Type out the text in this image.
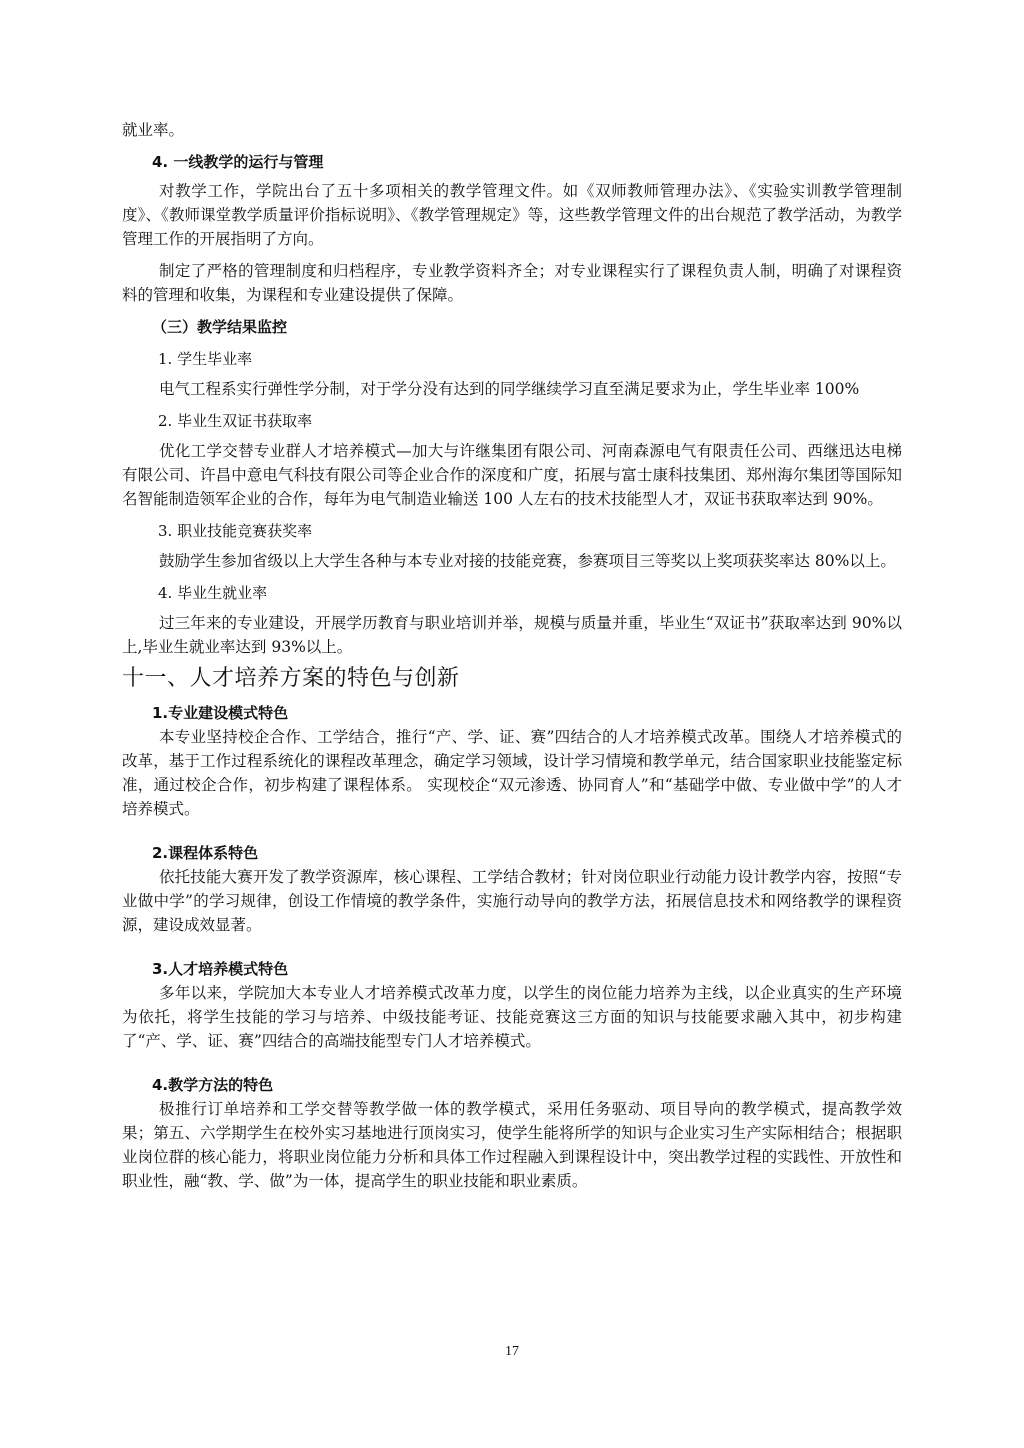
就业率。

4. 一线教学的运行与管理

对教学工作，学院出台了五十多项相关的教学管理文件。如《双师教师管理办法》、《实验实训教学管理制度》、《教师课堂教学质量评价指标说明》、《教学管理规定》等，这些教学管理文件的出台规范了教学活动，为教学管理工作的开展指明了方向。

制定了严格的管理制度和归档程序，专业教学资料齐全；对专业课程实行了课程负责人制，明确了对课程资料的管理和收集，为课程和专业建设提供了保障。

（三）教学结果监控

1. 学生毕业率

电气工程系实行弹性学分制，对于学分没有达到的同学继续学习直至满足要求为止，学生毕业率 100%

2. 毕业生双证书获取率

优化工学交替专业群人才培养模式—加大与许继集团有限公司、河南森源电气有限责任公司、西继迅达电梯有限公司、许昌中意电气科技有限公司等企业合作的深度和广度，拓展与富士康科技集团、郑州海尔集团等国际知名智能制造领军企业的合作，每年为电气制造业输送 100 人左右的技术技能型人才，双证书获取率达到 90%。

3. 职业技能竞赛获奖率

鼓励学生参加省级以上大学生各种与本专业对接的技能竞赛，参赛项目三等奖以上奖项获奖率达 80%以上。

4. 毕业生就业率

过三年来的专业建设，开展学历教育与职业培训并举，规模与质量并重，毕业生“双证书”获取率达到 90%以上,毕业生就业率达到 93%以上。

十一、人才培养方案的特色与创新
1.专业建设模式特色

本专业坚持校企合作、工学结合，推行“产、学、证、赛”四结合的人才培养模式改革。围绕人才培养模式的改革，基于工作过程系统化的课程改革理念，确定学习领域，设计学习情境和教学单元，结合国家职业技能鉴定标准，通过校企合作，初步构建了课程体系。 实现校企“双元渗透、协同育人”和“基础学中做、专业做中学”的人才培养模式。

2.课程体系特色

依托技能大赛开发了教学资源库，核心课程、工学结合教材；针对岗位职业行动能力设计教学内容，按照“专业做中学”的学习规律，创设工作情境的教学条件，实施行动导向的教学方法，拓展信息技术和网络教学的课程资源，建设成效显著。

3.人才培养模式特色

多年以来，学院加大本专业人才培养模式改革力度，以学生的岗位能力培养为主线，以企业真实的生产环境为依托，将学生技能的学习与培养、中级技能考证、技能竞赛这三方面的知识与技能要求融入其中，初步构建了“产、学、证、赛”四结合的高端技能型专门人才培养模式。

4.教学方法的特色

极推行订单培养和工学交替等教学做一体的教学模式，采用任务驱动、项目导向的教学模式，提高教学效果；第五、六学期学生在校外实习基地进行顶岗实习，使学生能将所学的知识与企业实习生产实际相结合；根据职业岗位群的核心能力，将职业岗位能力分析和具体工作过程融入到课程设计中，突出教学过程的实践性、开放性和职业性，融“教、学、做”为一体，提高学生的职业技能和职业素质。

17
